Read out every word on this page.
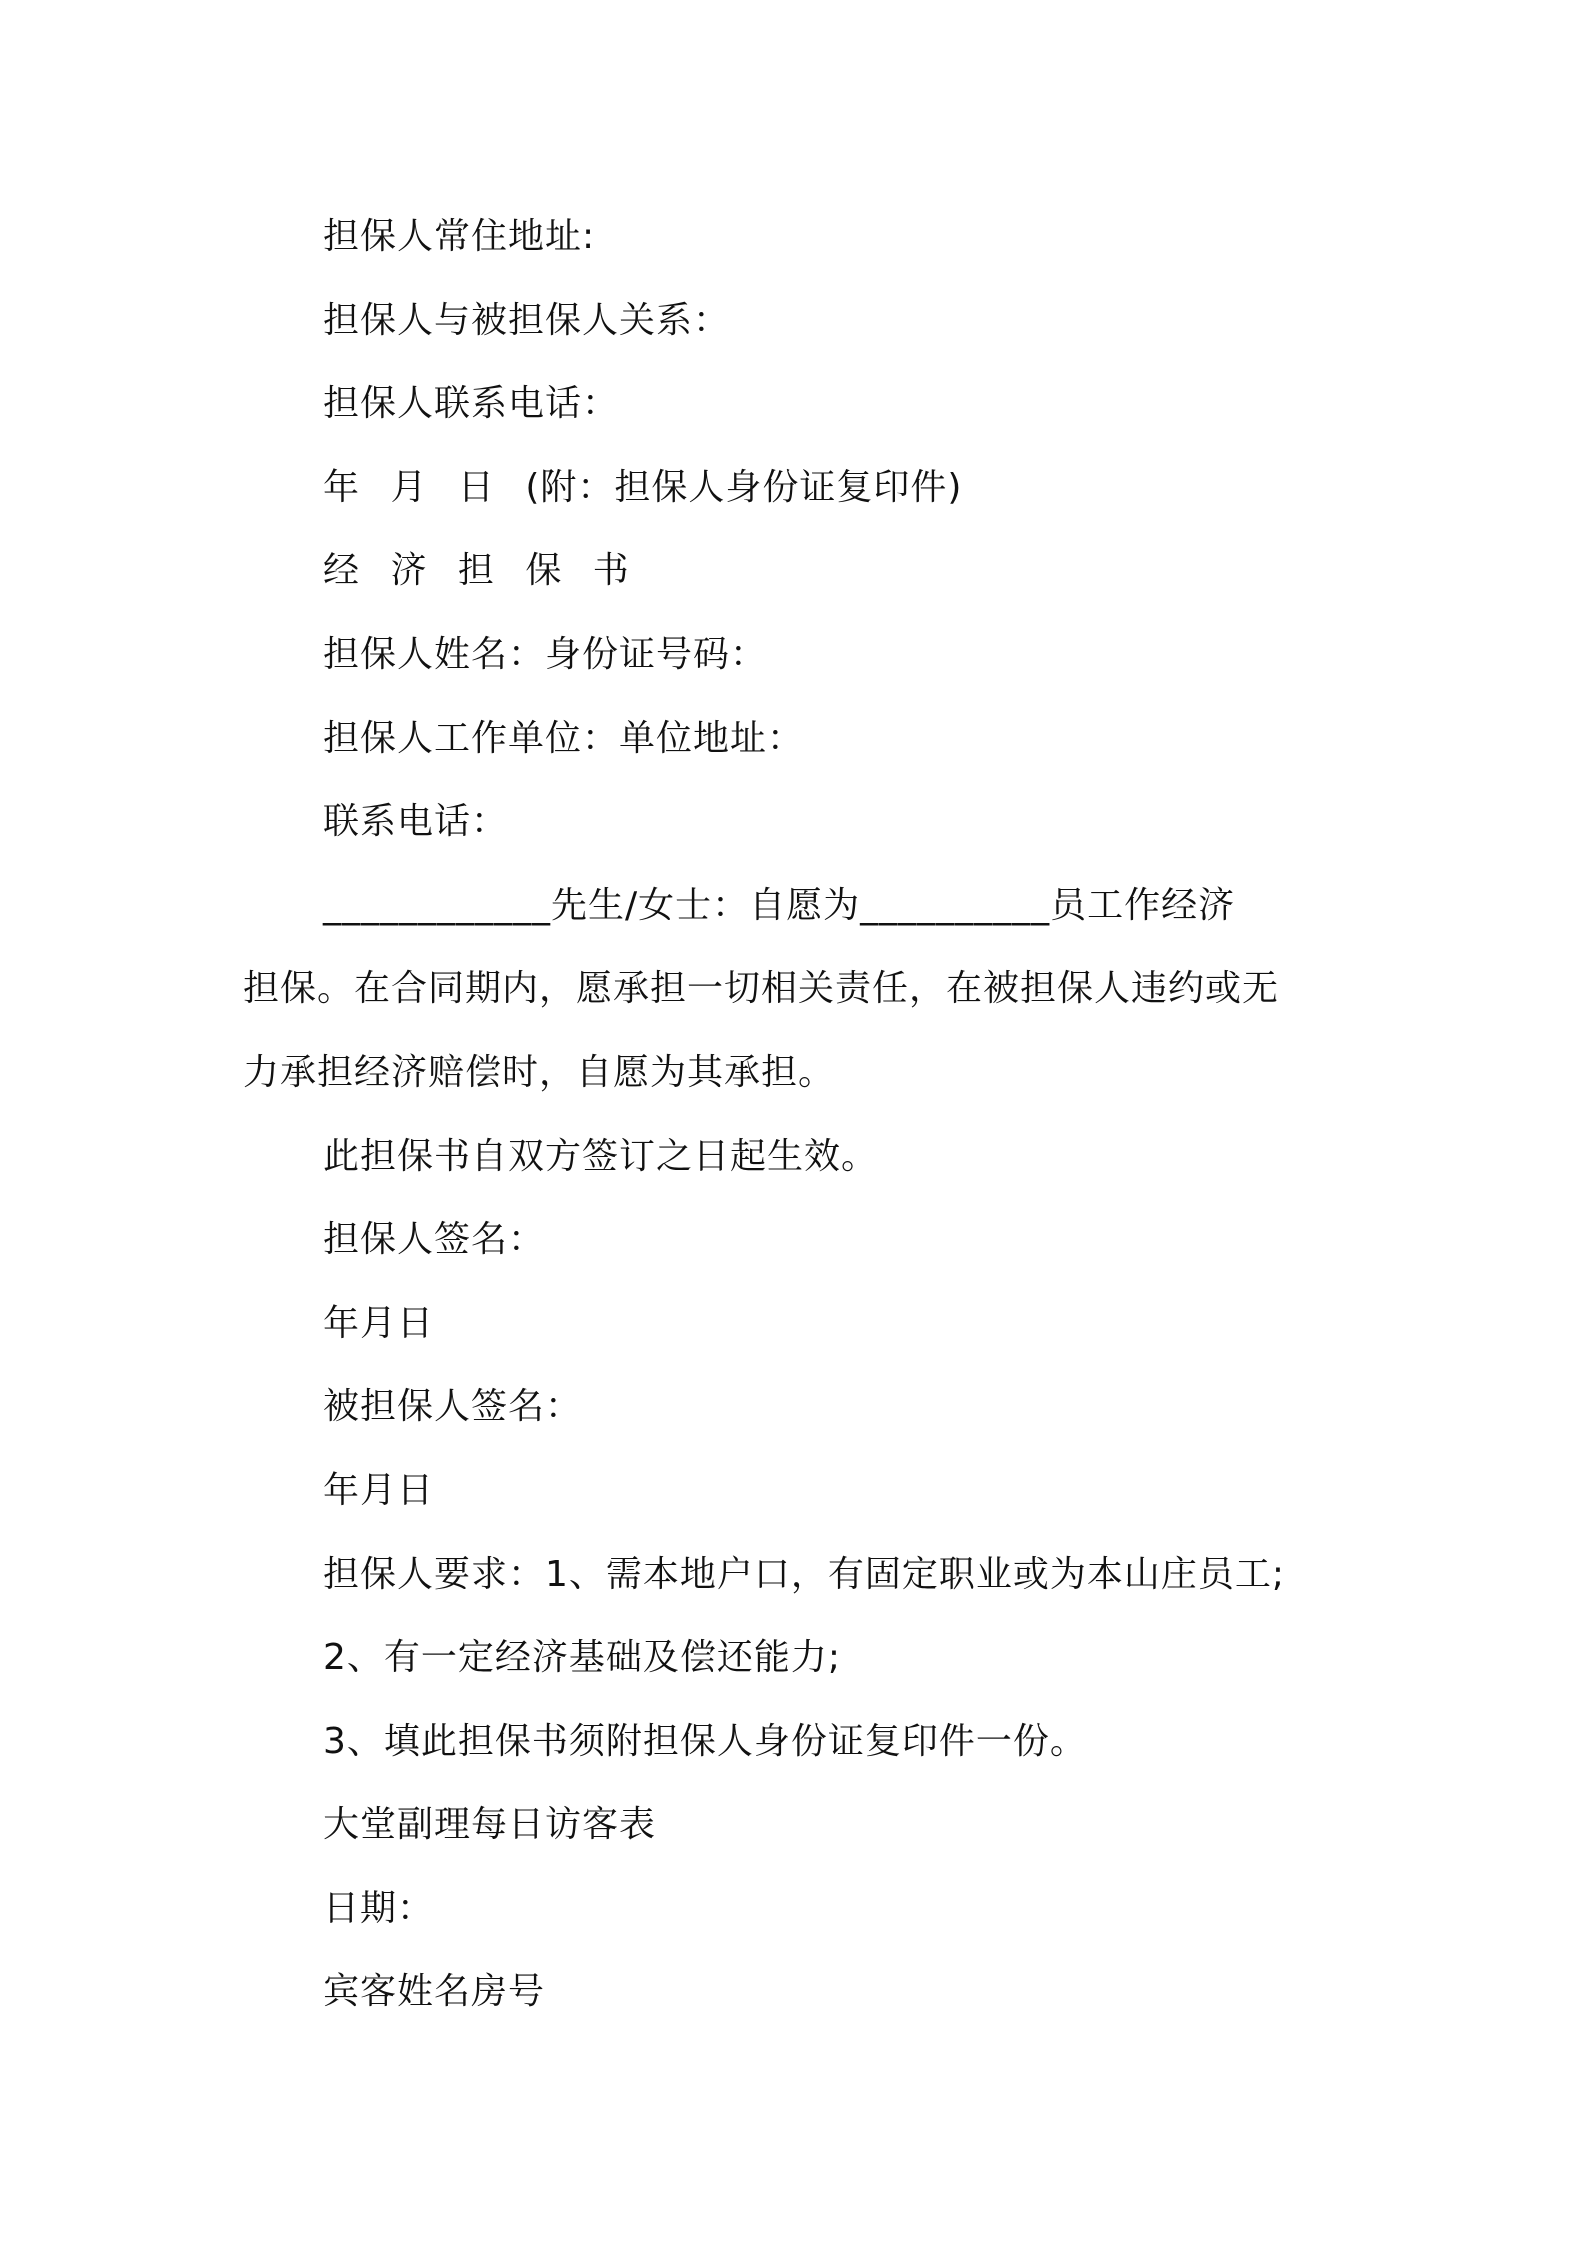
担保人常住地址:
担保人与被担保人关系：
担保人联系电话：
年 月 日 (附：担保人身份证复印件)
经 济 担 保 书
担保人姓名：身份证号码：
担保人工作单位：单位地址：
联系电话：
____________先生/女士：自愿为__________员工作经济
担保。在合同期内，愿承担一切相关责任，在被担保人违约或无
力承担经济赔偿时，自愿为其承担。
此担保书自双方签订之日起生效。
担保人签名：
年月日
被担保人签名：
年月日
担保人要求：1、需本地户口，有固定职业或为本山庄员工;
2、有一定经济基础及偿还能力;
3、填此担保书须附担保人身份证复印件一份。
大堂副理每日访客表
日期：
宾客姓名房号
